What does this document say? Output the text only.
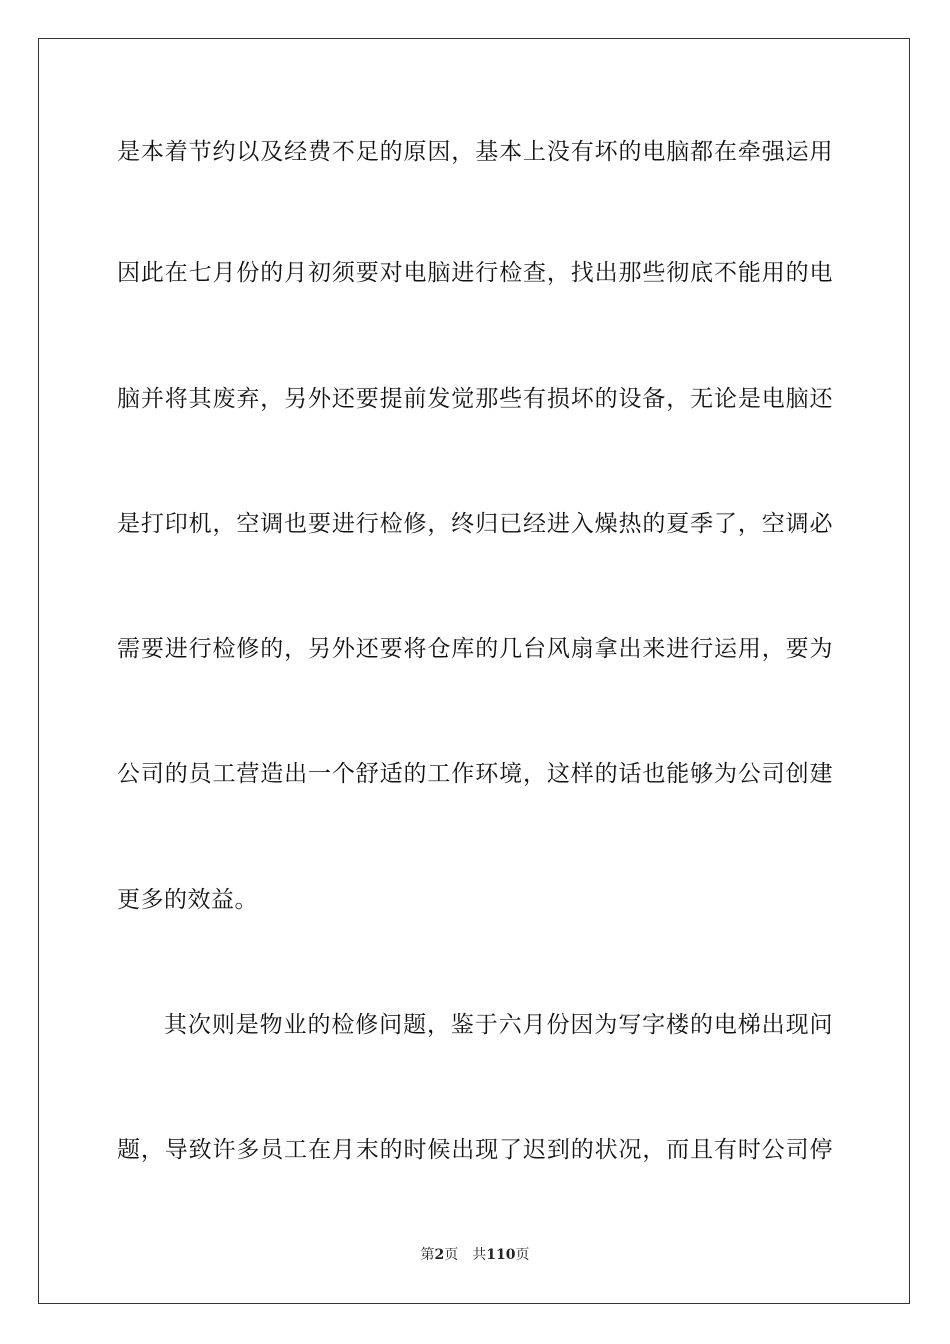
是本着节约以及经费不足的原因，基本上没有坏的电脑都在牵强运用
因此在七月份的月初须要对电脑进行检查，找出那些彻底不能用的电
脑并将其废弃，另外还要提前发觉那些有损坏的设备，无论是电脑还
是打印机，空调也要进行检修，终归已经进入燥热的夏季了，空调必
需要进行检修的，另外还要将仓库的几台风扇拿出来进行运用，要为
公司的员工营造出一个舒适的工作环境，这样的话也能够为公司创建
更多的效益。
其次则是物业的检修问题，鉴于六月份因为写字楼的电梯出现问
题，导致许多员工在月末的时候出现了迟到的状况，而且有时公司停
第2页 共110页
